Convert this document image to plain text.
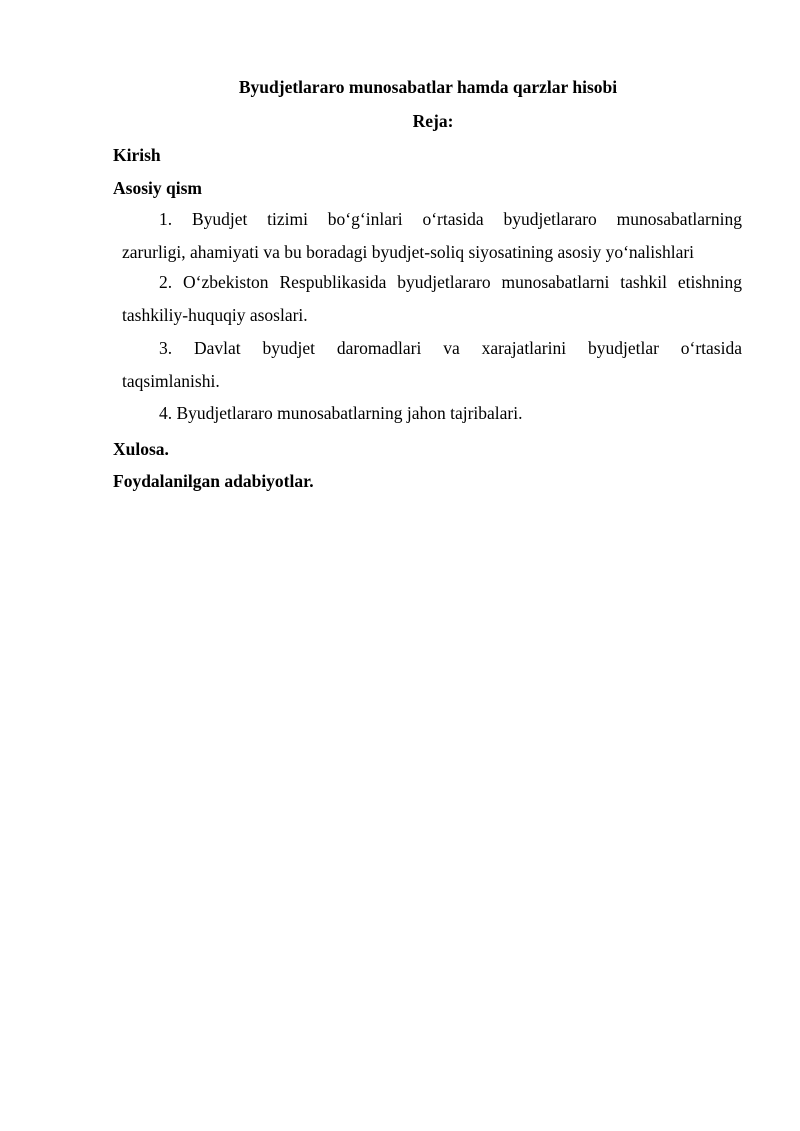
Byudjetlararo munosabatlar hamda qarzlar hisobi
Reja:
Kirish
Asosiy qism
1. Byudjet tizimi bo‘g‘inlari o‘rtasida byudjetlararo munosabatlarning
zarurligi, ahamiyati va bu boradagi byudjet-soliq siyosatining asosiy yo‘nalishlari
2. O‘zbekiston Respublikasida byudjetlararo munosabatlarni tashkil etishning
tashkiliy-huquqiy asoslari.
3. Davlat byudjet daromadlari va xarajatlarini byudjetlar o‘rtasida
taqsimlanishi.
4. Byudjetlararo munosabatlarning jahon tajribalari.
Xulosa.
Foydalanilgan adabiyotlar.
